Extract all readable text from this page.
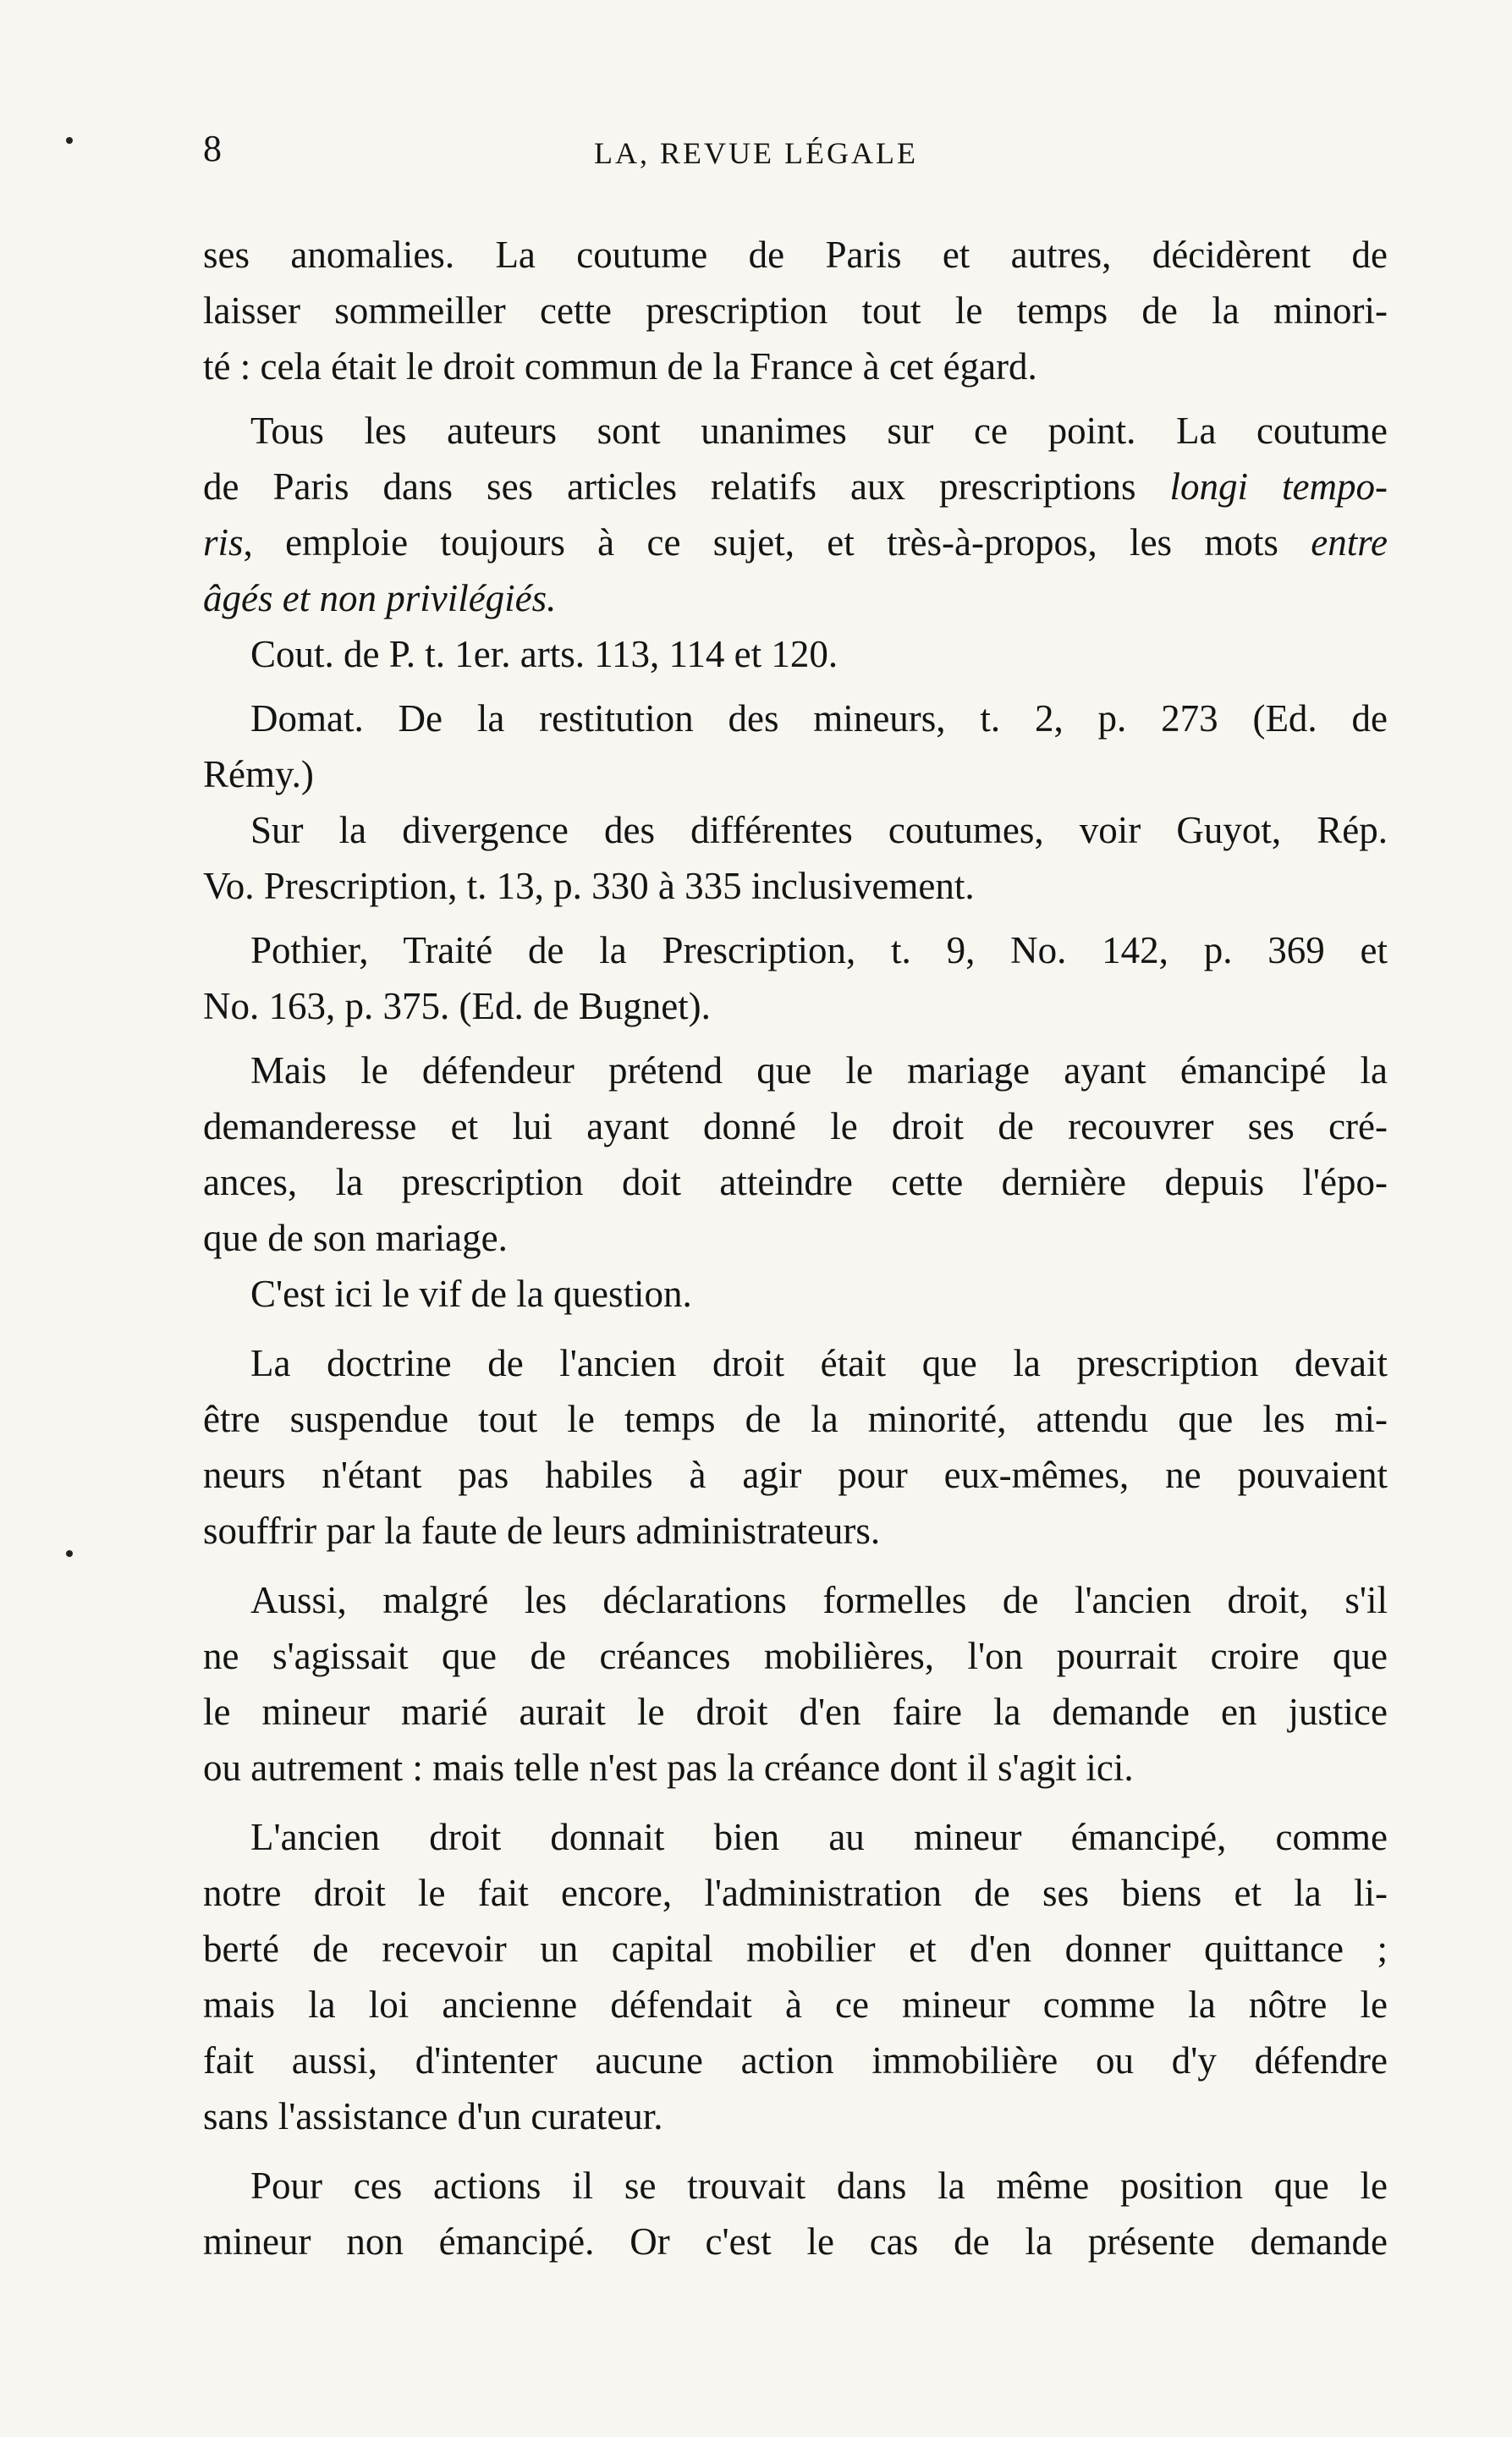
8	LA, REVUE LÉGALE
ses anomalies. La coutume de Paris et autres, décidèrent de
laisser sommeiller cette prescription tout le temps de la minori-
té : cela était le droit commun de la France à cet égard.
Tous les auteurs sont unanimes sur ce point. La coutume
de Paris dans ses articles relatifs aux prescriptions longi tempo-
ris, emploie toujours à ce sujet, et très-à-propos, les mots entre
âgés et non privilégiés.
Cout. de P. t. 1er. arts. 113, 114 et 120.
Domat. De la restitution des mineurs, t. 2, p. 273 (Ed. de
Rémy.)
Sur la divergence des différentes coutumes, voir Guyot, Rép.
Vo. Prescription, t. 13, p. 330 à 335 inclusivement.
Pothier, Traité de la Prescription, t. 9, No. 142, p. 369 et
No. 163, p. 375. (Ed. de Bugnet).
Mais le défendeur prétend que le mariage ayant émancipé la
demanderesse et lui ayant donné le droit de recouvrer ses cré-
ances, la prescription doit atteindre cette dernière depuis l'épo-
que de son mariage.
C'est ici le vif de la question.
La doctrine de l'ancien droit était que la prescription devait
être suspendue tout le temps de la minorité, attendu que les mi-
neurs n'étant pas habiles à agir pour eux-mêmes, ne pouvaient
souffrir par la faute de leurs administrateurs.
Aussi, malgré les déclarations formelles de l'ancien droit, s'il
ne s'agissait que de créances mobilières, l'on pourrait croire que
le mineur marié aurait le droit d'en faire la demande en justice
ou autrement : mais telle n'est pas la créance dont il s'agit ici.
L'ancien droit donnait bien au mineur émancipé, comme
notre droit le fait encore, l'administration de ses biens et la li-
berté de recevoir un capital mobilier et d'en donner quittance ;
mais la loi ancienne défendait à ce mineur comme la nôtre le
fait aussi, d'intenter aucune action immobilière ou d'y défendre
sans l'assistance d'un curateur.
Pour ces actions il se trouvait dans la même position que le
mineur non émancipé. Or c'est le cas de la présente demande
